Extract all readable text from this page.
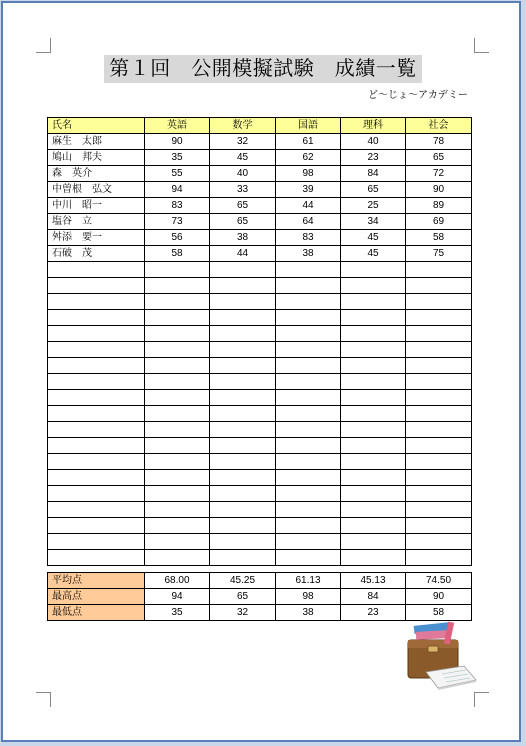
第１回　公開模擬試験　成績一覧
ど～じょ～アカデミー
氏名	英語	数学	国語	理科	社会
麻生　太郎	90	32	61	40	78
鳩山　邦夫	35	45	62	23	65
森　英介	55	40	98	84	72
中曽根　弘文	94	33	39	65	90
中川　昭一	83	65	44	25	89
塩谷　立	73	65	64	34	69
舛添　要一	56	38	83	45	58
石破　茂	58	44	38	45	75

平均点	68.00	45.25	61.13	45.13	74.50
最高点	94	65	98	84	90
最低点	35	32	38	23	58
